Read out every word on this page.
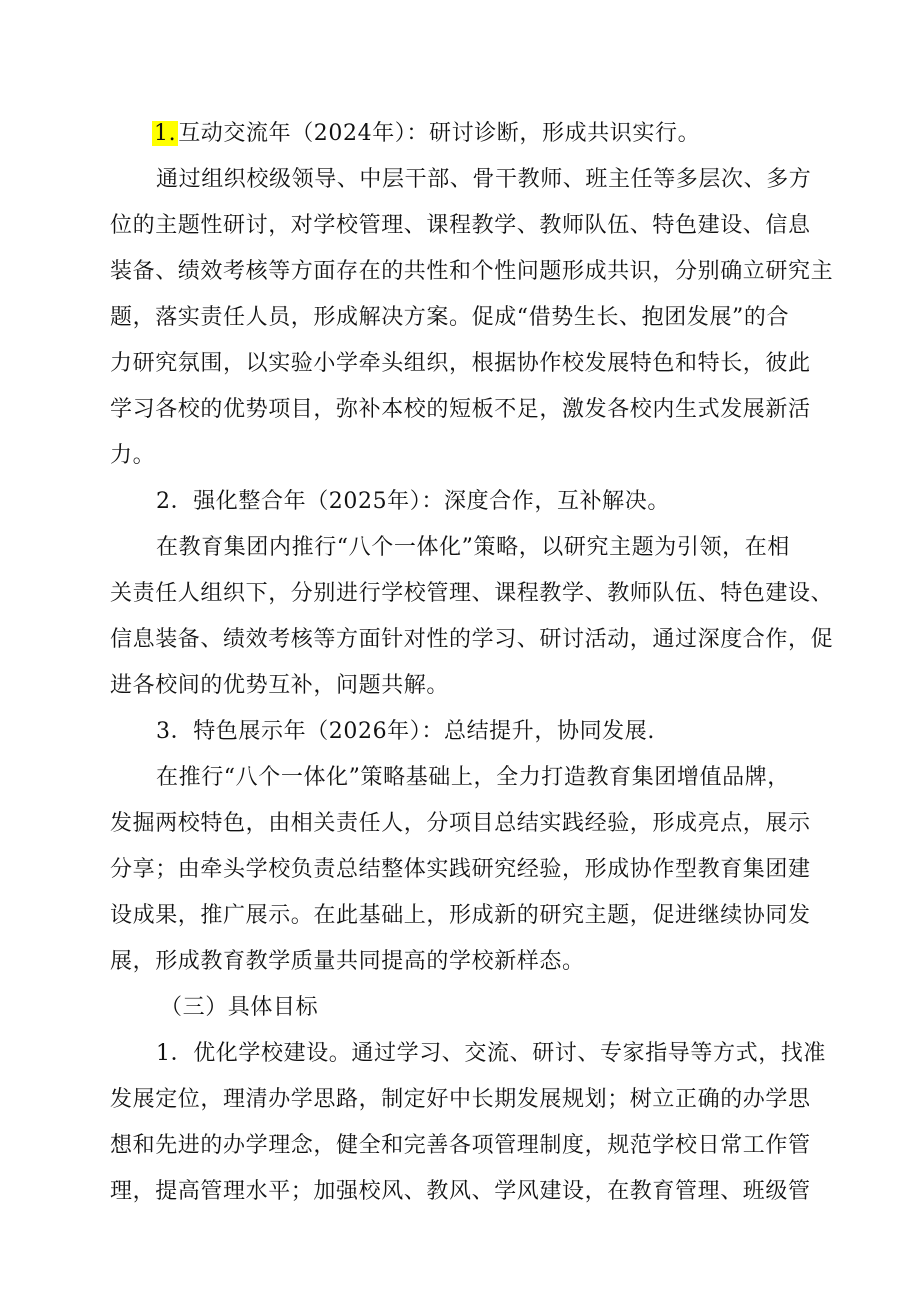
1.互动交流年（2024年）：研讨诊断，形成共识实行。
通过组织校级领导、中层干部、骨干教师、班主任等多层次、多方
位的主题性研讨，对学校管理、课程教学、教师队伍、特色建设、信息
装备、绩效考核等方面存在的共性和个性问题形成共识，分别确立研究主
题，落实责任人员，形成解决方案。促成“借势生长、抱团发展”的合
力研究氛围，以实验小学牵头组织，根据协作校发展特色和特长，彼此
学习各校的优势项目，弥补本校的短板不足，激发各校内生式发展新活
力。
2．强化整合年（2025年）：深度合作，互补解决。
在教育集团内推行“八个一体化”策略，以研究主题为引领，在相
关责任人组织下，分别进行学校管理、课程教学、教师队伍、特色建设、
信息装备、绩效考核等方面针对性的学习、研讨活动，通过深度合作，促
进各校间的优势互补，问题共解。
3．特色展示年（2026年）：总结提升，协同发展.
在推行“八个一体化”策略基础上，全力打造教育集团增值品牌，
发掘两校特色，由相关责任人，分项目总结实践经验，形成亮点，展示
分享；由牵头学校负责总结整体实践研究经验，形成协作型教育集团建
设成果，推广展示。在此基础上，形成新的研究主题，促进继续协同发
展，形成教育教学质量共同提高的学校新样态。
（三）具体目标
1．优化学校建设。通过学习、交流、研讨、专家指导等方式，找准
发展定位，理清办学思路，制定好中长期发展规划；树立正确的办学思
想和先进的办学理念，健全和完善各项管理制度，规范学校日常工作管
理，提高管理水平；加强校风、教风、学风建设，在教育管理、班级管
